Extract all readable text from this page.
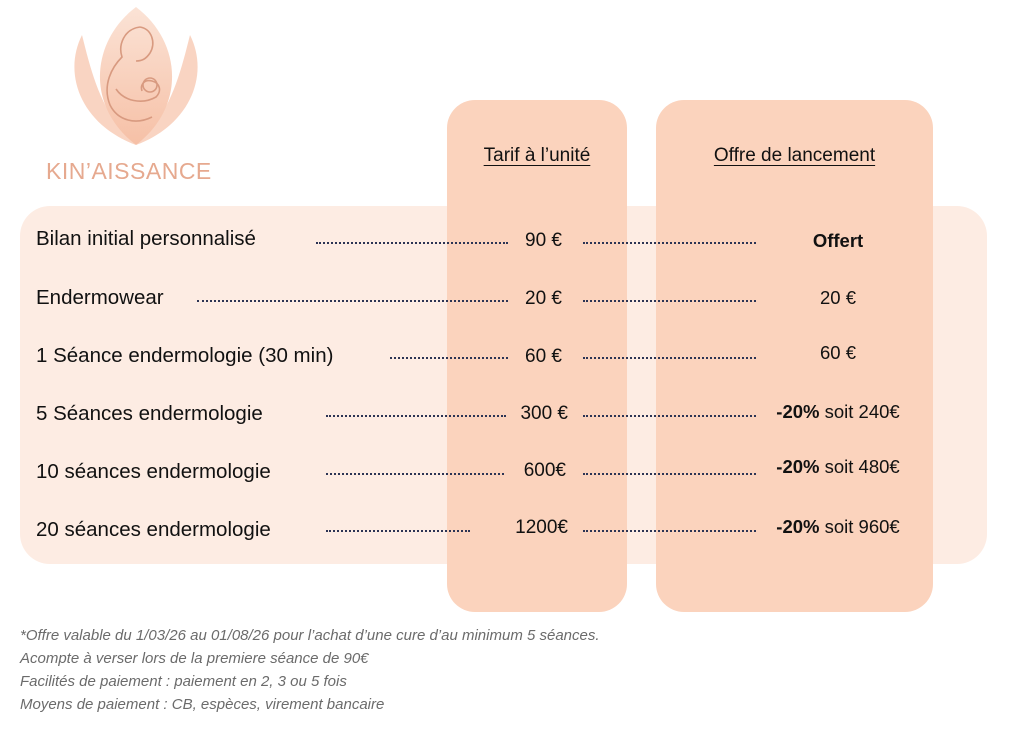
KIN’AISSANCE
Tarif à l’unité	Offre de lancement
Bilan initial personnalisé	90 €	Offert
Endermowear	20 €	20 €
1 Séance endermologie (30 min)	60 €	60 €
5 Séances endermologie	300 €	-20% soit 240€
10 séances endermologie	600€	-20% soit 480€
20 séances endermologie	1200€	-20% soit 960€
*Offre valable du 1/03/26 au 01/08/26 pour l’achat d’une cure d’au minimum 5 séances.
Acompte à verser lors de la premiere séance de 90€
Facilités de paiement : paiement en 2, 3 ou 5 fois
Moyens de paiement : CB, espèces, virement bancaire
